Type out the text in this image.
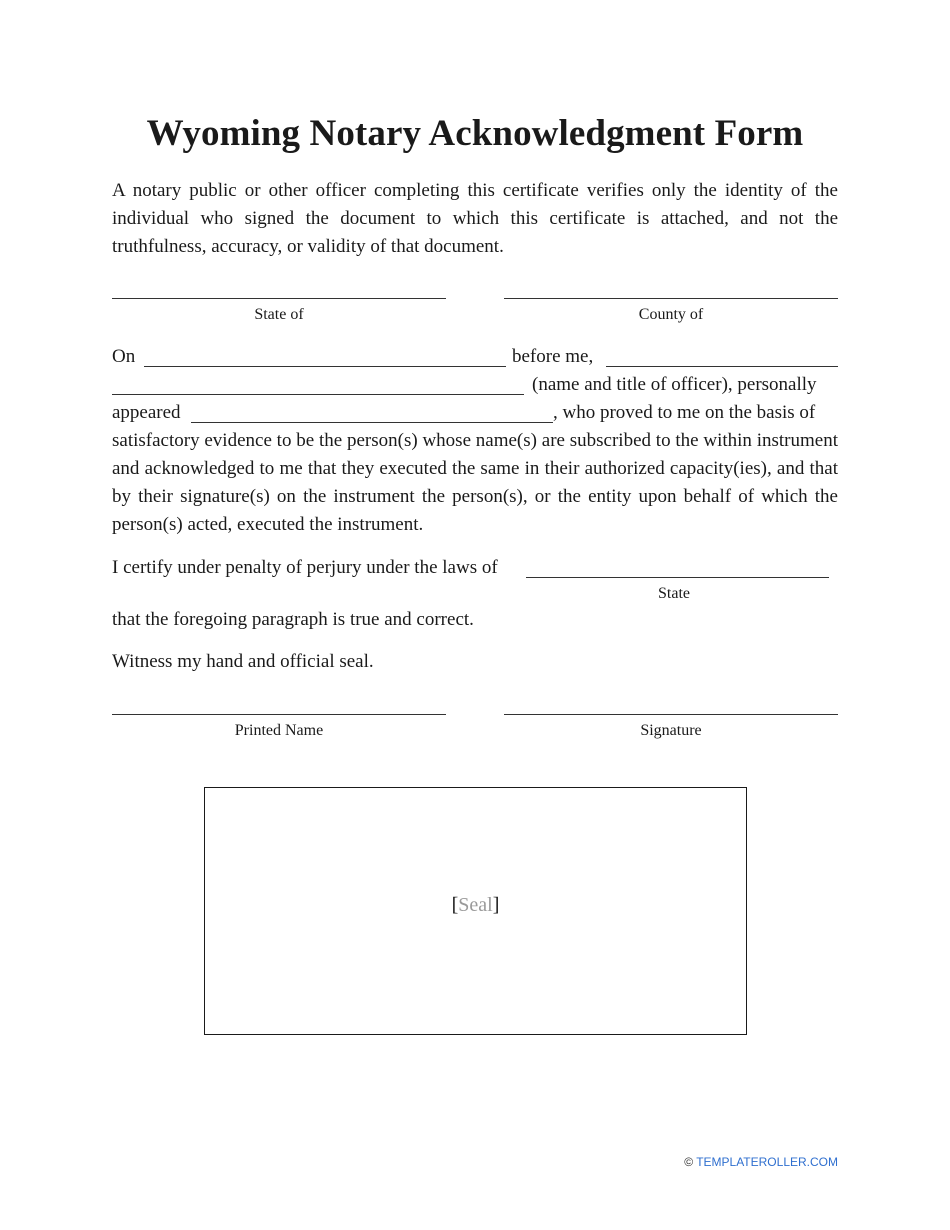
Wyoming Notary Acknowledgment Form
A notary public or other officer completing this certificate verifies only the identity of the individual who signed the document to which this certificate is attached, and not the truthfulness, accuracy, or validity of that document.
State of	County of
On	before me,
(name and title of officer), personally
appeared	, who proved to me on the basis of
satisfactory evidence to be the person(s) whose name(s) are subscribed to the within instrument and acknowledged to me that they executed the same in their authorized capacity(ies), and that by their signature(s) on the instrument the person(s), or the entity upon behalf of which the person(s) acted, executed the instrument.
I certify under penalty of perjury under the laws of
State
that the foregoing paragraph is true and correct.
Witness my hand and official seal.
Printed Name	Signature
[Seal]
© TEMPLATEROLLER.COM
